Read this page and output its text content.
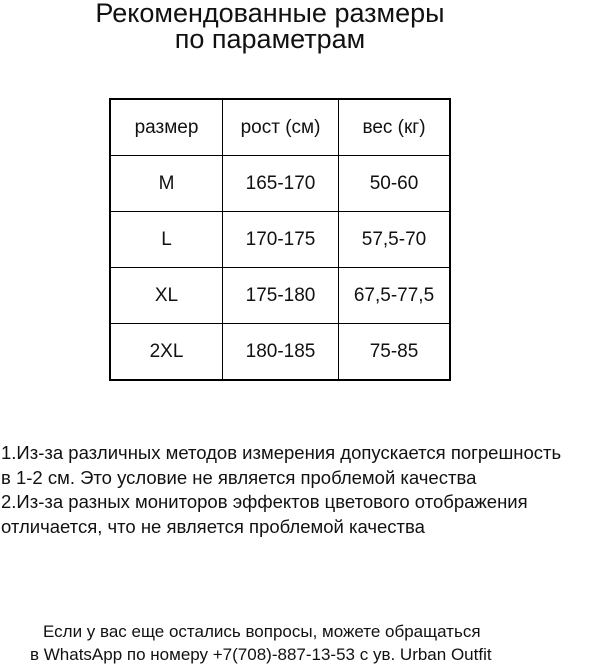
Рекомендованные размеры
по параметрам
размер	рост (см)	вес (кг)
M	165-170	50-60
L	170-175	57,5-70
XL	175-180	67,5-77,5
2XL	180-185	75-85
1.Из-за различных методов измерения допускается погрешность
в 1-2 см. Это условие не является проблемой качества
2.Из-за разных мониторов эффектов цветового отображения
отличается, что не является проблемой качества
Если у вас еще остались вопросы, можете обращаться
в WhatsApp по номеру +7(708)-887-13-53 с ув. Urban Outfit
